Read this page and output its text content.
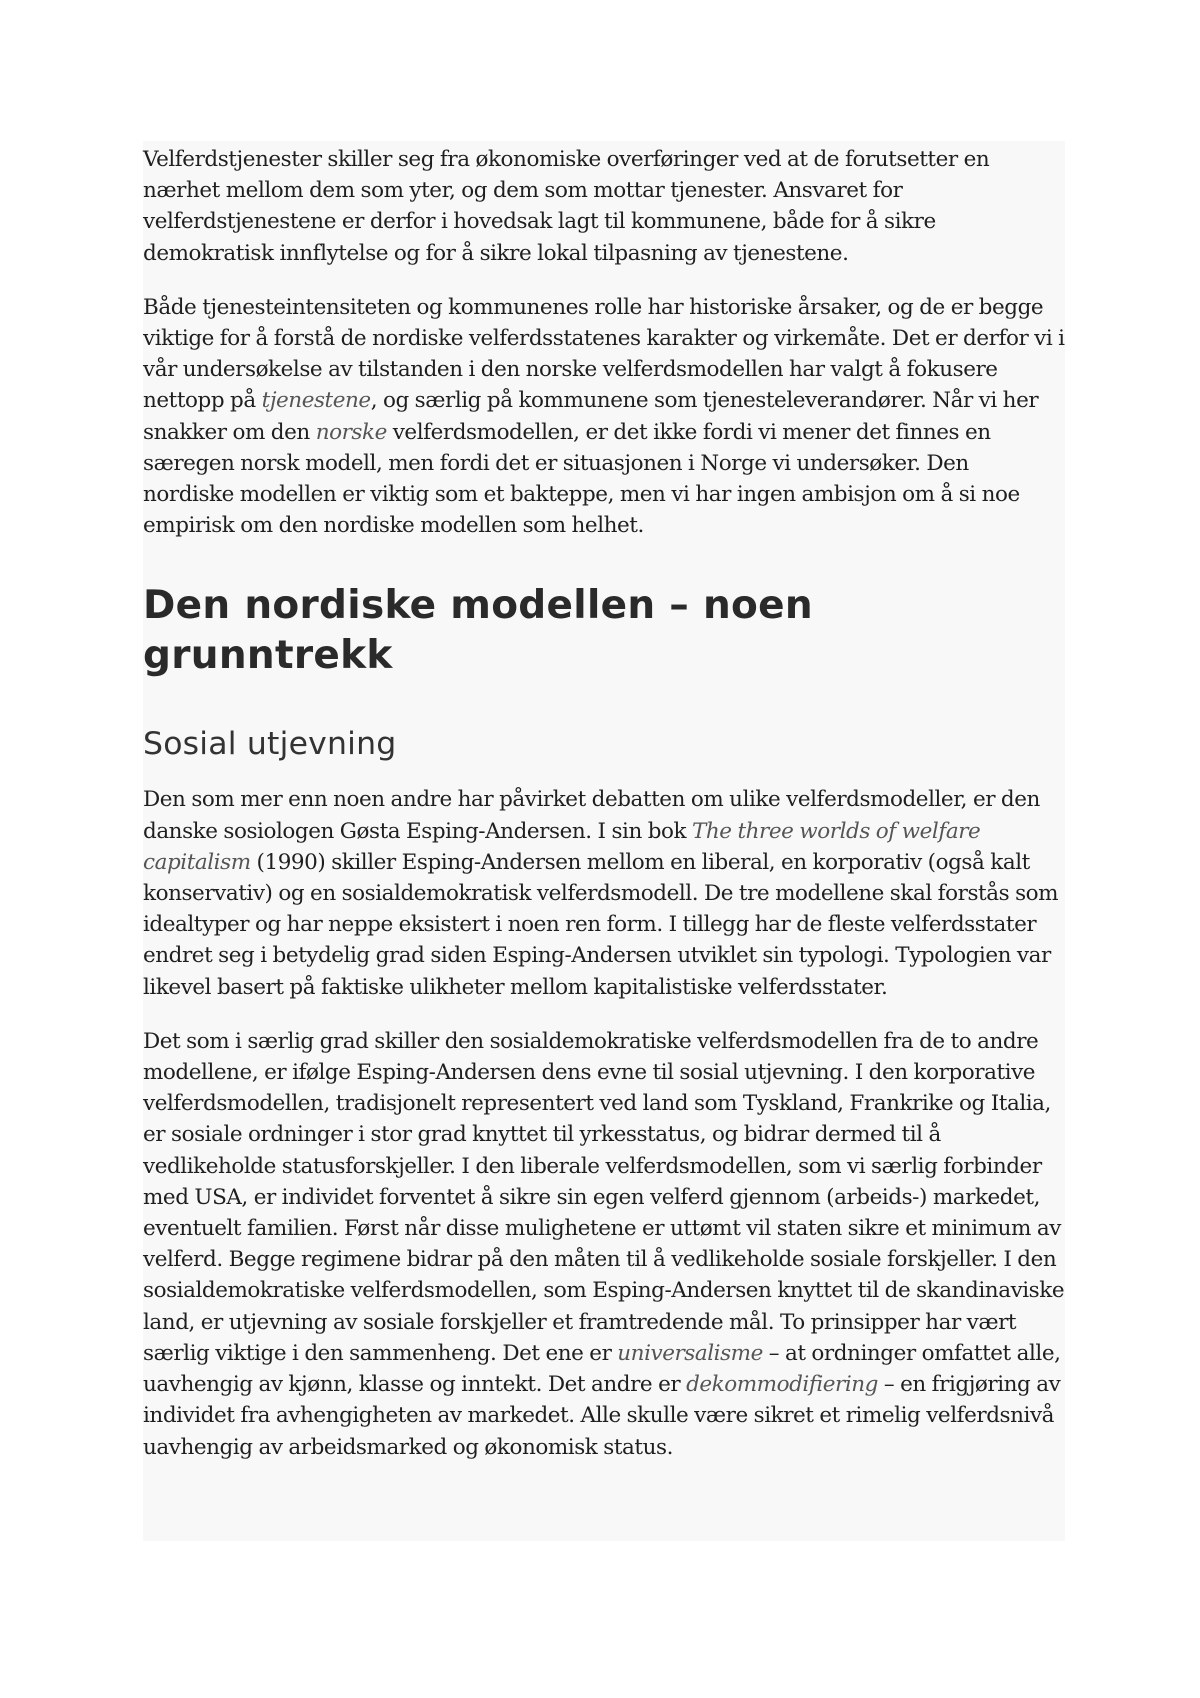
Velferdstjenester skiller seg fra økonomiske overføringer ved at de forutsetter en nærhet mellom dem som yter, og dem som mottar tjenester. Ansvaret for velferdstjenestene er derfor i hovedsak lagt til kommunene, både for å sikre demokratisk innflytelse og for å sikre lokal tilpasning av tjenestene.

Både tjenesteintensiteten og kommunenes rolle har historiske årsaker, og de er begge viktige for å forstå de nordiske velferdsstatenes karakter og virkemåte. Det er derfor vi i vår undersøkelse av tilstanden i den norske velferdsmodellen har valgt å fokusere nettopp på tjenestene, og særlig på kommunene som tjenesteleverandører. Når vi her snakker om den norske velferdsmodellen, er det ikke fordi vi mener det finnes en særegen norsk modell, men fordi det er situasjonen i Norge vi undersøker. Den nordiske modellen er viktig som et bakteppe, men vi har ingen ambisjon om å si noe empirisk om den nordiske modellen som helhet.

Den nordiske modellen – noen grunntrekk
Sosial utjevning

Den som mer enn noen andre har påvirket debatten om ulike velferdsmodeller, er den danske sosiologen Gøsta Esping-Andersen. I sin bok The three worlds of welfare capitalism (1990) skiller Esping-Andersen mellom en liberal, en korporativ (også kalt konservativ) og en sosialdemokratisk velferdsmodell. De tre modellene skal forstås som idealtyper og har neppe eksistert i noen ren form. I tillegg har de fleste velferdsstater endret seg i betydelig grad siden Esping-Andersen utviklet sin typologi. Typologien var likevel basert på faktiske ulikheter mellom kapitalistiske velferdsstater.

Det som i særlig grad skiller den sosialdemokratiske velferdsmodellen fra de to andre modellene, er ifølge Esping-Andersen dens evne til sosial utjevning. I den korporative velferdsmodellen, tradisjonelt representert ved land som Tyskland, Frankrike og Italia, er sosiale ordninger i stor grad knyttet til yrkesstatus, og bidrar dermed til å vedlikeholde statusforskjeller. I den liberale velferdsmodellen, som vi særlig forbinder med USA, er individet forventet å sikre sin egen velferd gjennom (arbeids-) markedet, eventuelt familien. Først når disse mulighetene er uttømt vil staten sikre et minimum av velferd. Begge regimene bidrar på den måten til å vedlikeholde sosiale forskjeller. I den sosialdemokratiske velferdsmodellen, som Esping-Andersen knyttet til de skandinaviske land, er utjevning av sosiale forskjeller et framtredende mål. To prinsipper har vært særlig viktige i den sammenheng. Det ene er universalisme – at ordninger omfattet alle, uavhengig av kjønn, klasse og inntekt. Det andre er dekommodifiering – en frigjøring av individet fra avhengigheten av markedet. Alle skulle være sikret et rimelig velferdsnivå uavhengig av arbeidsmarked og økonomisk status.
